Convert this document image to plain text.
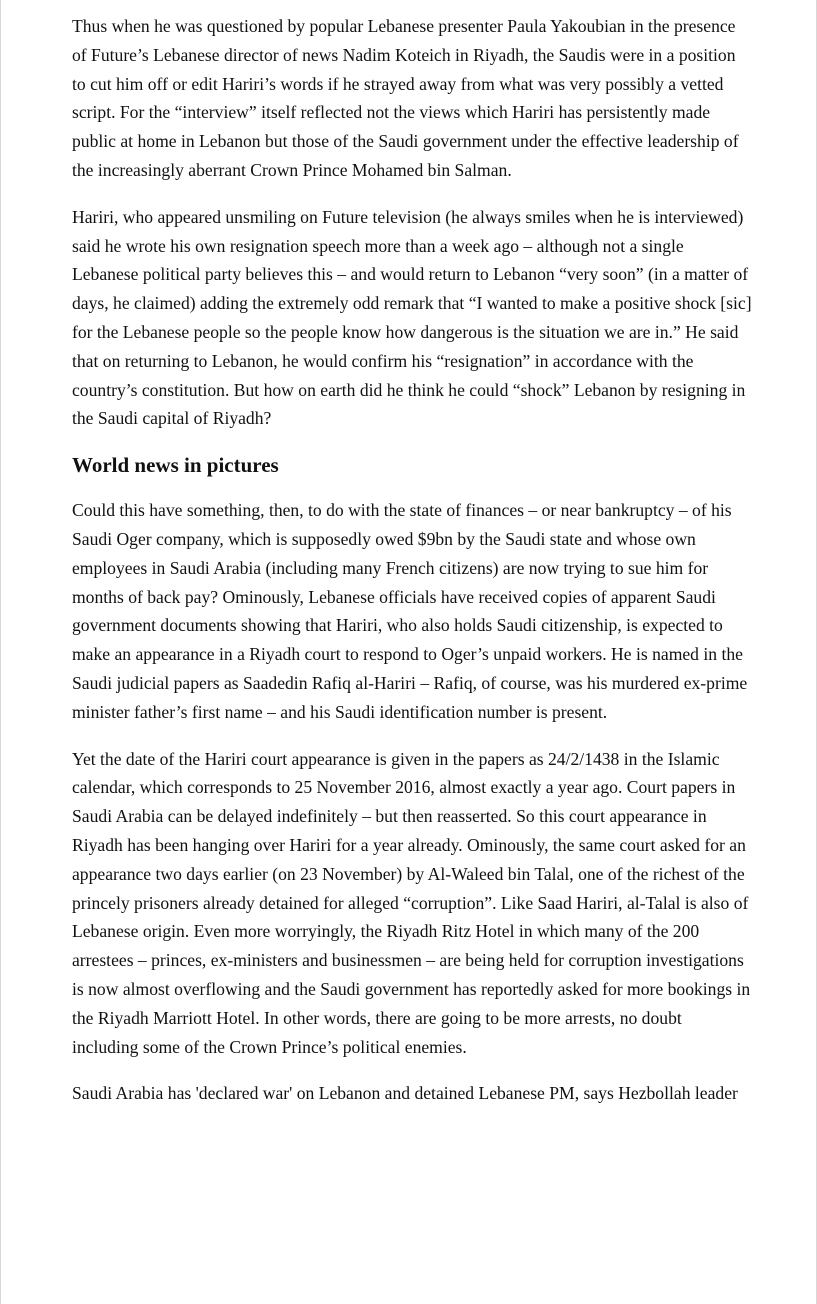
Thus when he was questioned by popular Lebanese presenter Paula Yakoubian in the presence of Future’s Lebanese director of news Nadim Koteich in Riyadh, the Saudis were in a position to cut him off or edit Hariri’s words if he strayed away from what was very possibly a vetted script. For the “interview” itself reflected not the views which Hariri has persistently made public at home in Lebanon but those of the Saudi government under the effective leadership of the increasingly aberrant Crown Prince Mohamed bin Salman.

Hariri, who appeared unsmiling on Future television (he always smiles when he is interviewed) said he wrote his own resignation speech more than a week ago – although not a single Lebanese political party believes this – and would return to Lebanon “very soon” (in a matter of days, he claimed) adding the extremely odd remark that “I wanted to make a positive shock [sic] for the Lebanese people so the people know how dangerous is the situation we are in.” He said that on returning to Lebanon, he would confirm his “resignation” in accordance with the country’s constitution. But how on earth did he think he could “shock” Lebanon by resigning in the Saudi capital of Riyadh?

World news in pictures

Could this have something, then, to do with the state of finances – or near bankruptcy – of his Saudi Oger company, which is supposedly owed $9bn by the Saudi state and whose own employees in Saudi Arabia (including many French citizens) are now trying to sue him for months of back pay? Ominously, Lebanese officials have received copies of apparent Saudi government documents showing that Hariri, who also holds Saudi citizenship, is expected to make an appearance in a Riyadh court to respond to Oger’s unpaid workers. He is named in the Saudi judicial papers as Saadedin Rafiq al-Hariri – Rafiq, of course, was his murdered ex-prime minister father’s first name – and his Saudi identification number is present.

Yet the date of the Hariri court appearance is given in the papers as 24/2/1438 in the Islamic calendar, which corresponds to 25 November 2016, almost exactly a year ago. Court papers in Saudi Arabia can be delayed indefinitely – but then reasserted. So this court appearance in Riyadh has been hanging over Hariri for a year already. Ominously, the same court asked for an appearance two days earlier (on 23 November) by Al-Waleed bin Talal, one of the richest of the princely prisoners already detained for alleged “corruption”. Like Saad Hariri, al-Talal is also of Lebanese origin. Even more worryingly, the Riyadh Ritz Hotel in which many of the 200 arrestees – princes, ex-ministers and businessmen – are being held for corruption investigations is now almost overflowing and the Saudi government has reportedly asked for more bookings in the Riyadh Marriott Hotel. In other words, there are going to be more arrests, no doubt including some of the Crown Prince’s political enemies.

Saudi Arabia has 'declared war' on Lebanon and detained Lebanese PM, says Hezbollah leader
